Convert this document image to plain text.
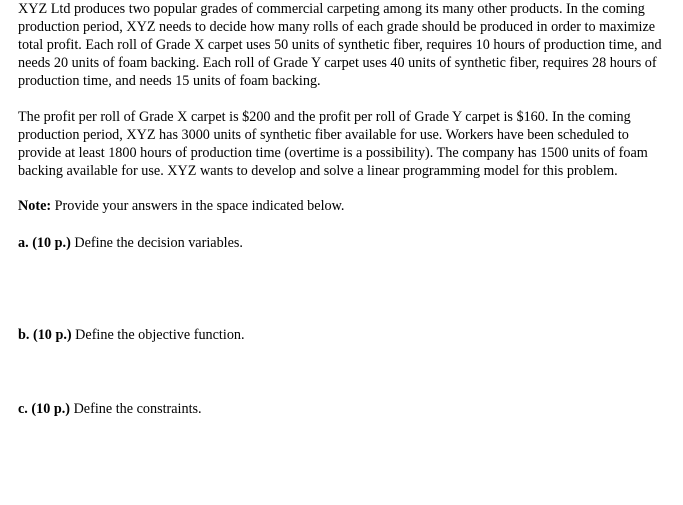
XYZ Ltd produces two popular grades of commercial carpeting among its many other products. In the coming production period, XYZ needs to decide how many rolls of each grade should be produced in order to maximize total profit. Each roll of Grade X carpet uses 50 units of synthetic fiber, requires 10 hours of production time, and needs 20 units of foam backing. Each roll of Grade Y carpet uses 40 units of synthetic fiber, requires 28 hours of production time, and needs 15 units of foam backing.

The profit per roll of Grade X carpet is $200 and the profit per roll of Grade Y carpet is $160. In the coming production period, XYZ has 3000 units of synthetic fiber available for use. Workers have been scheduled to provide at least 1800 hours of production time (overtime is a possibility). The company has 1500 units of foam backing available for use. XYZ wants to develop and solve a linear programming model for this problem.

Note: Provide your answers in the space indicated below.

a. (10 p.) Define the decision variables.

b. (10 p.) Define the objective function.

c. (10 p.) Define the constraints.
